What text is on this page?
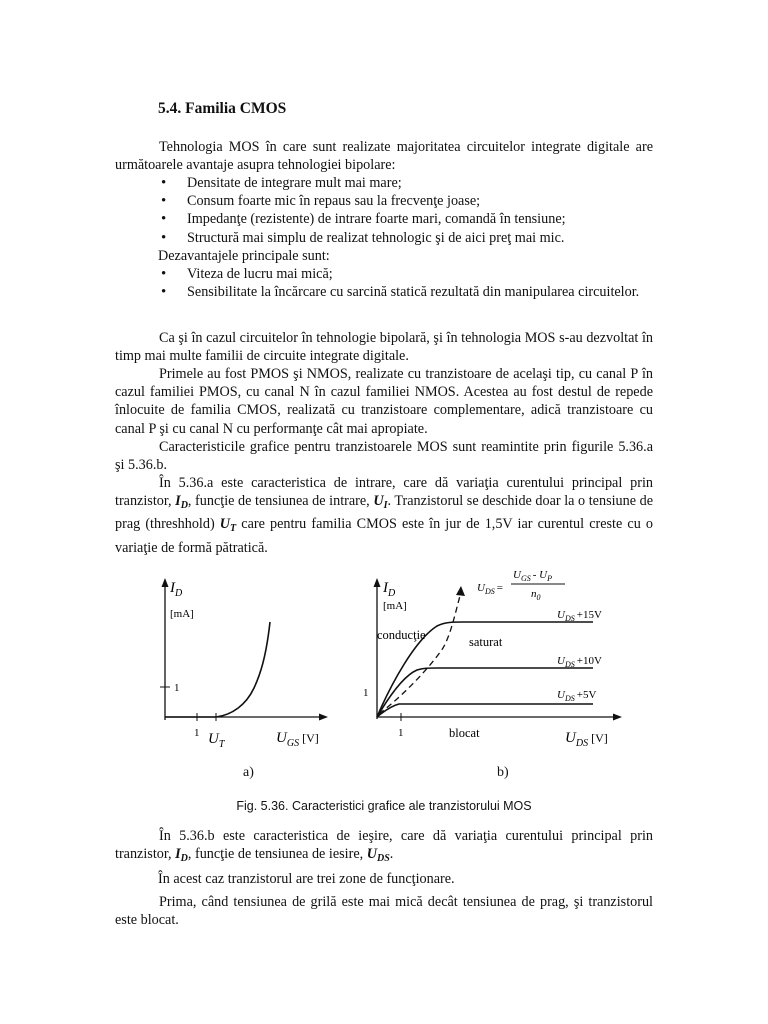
5.4. Familia CMOS
Tehnologia MOS în care sunt realizate majoritatea circuitelor integrate digitale are următoarele avantaje asupra tehnologiei bipolare:
• Densitate de integrare mult mai mare;
• Consum foarte mic în repaus sau la frecvenţe joase;
• Impedanţe (rezistente) de intrare foarte mari, comandă în tensiune;
• Structură mai simplu de realizat tehnologic şi de aici preţ mai mic.
Dezavantajele principale sunt:
• Viteza de lucru mai mică;
• Sensibilitate la încărcare cu sarcină statică rezultată din manipularea circuitelor.
Ca şi în cazul circuitelor în tehnologie bipolară, şi în tehnologia MOS s-au dezvoltat în timp mai multe familii de circuite integrate digitale.
Primele au fost PMOS şi NMOS, realizate cu tranzistoare de acelaşi tip, cu canal P în cazul familiei PMOS, cu canal N în cazul familiei NMOS. Acestea au fost destul de repede înlocuite de familia CMOS, realizată cu tranzistoare complementare, adică tranzistoare cu canal P şi cu canal N cu performanţe cât mai apropiate.
Caracteristicile grafice pentru tranzistoarele MOS sunt reamintite prin figurile 5.36.a şi 5.36.b.
În 5.36.a este caracteristica de intrare, care dă variaţia curentului principal prin tranzistor, $I_D$, funcţie de tensiunea de intrare, $U_I$. Tranzistorul se deschide doar la o tensiune de prag (threshhold) $U_T$ care pentru familia CMOS este în jur de 1,5V iar curentul creste cu o variaţie de formă pătratică.
$I_D$
[mA]
1
1 $U_T$	$U_{GS}$ [V]
$I_D$
[mA]
1
1
$U_{DS}$ =
$U_{GS} - U_P$
$n_0$
conducţie	saturat
blocat
$U_{DS} +15V$
$U_{DS} +10V$
$U_{DS} +5V$
$U_{DS}$ [V]
a)	b)
Fig. 5.36. Caracteristici grafice ale tranzistorului MOS
În 5.36.b este caracteristica de ieşire, care dă variaţia curentului principal prin tranzistor, $I_D$, funcţie de tensiunea de iesire, $U_{DS}$.
În acest caz tranzistorul are trei zone de funcţionare.
Prima, când tensiunea de grilă este mai mică decât tensiunea de prag, şi tranzistorul este blocat.
